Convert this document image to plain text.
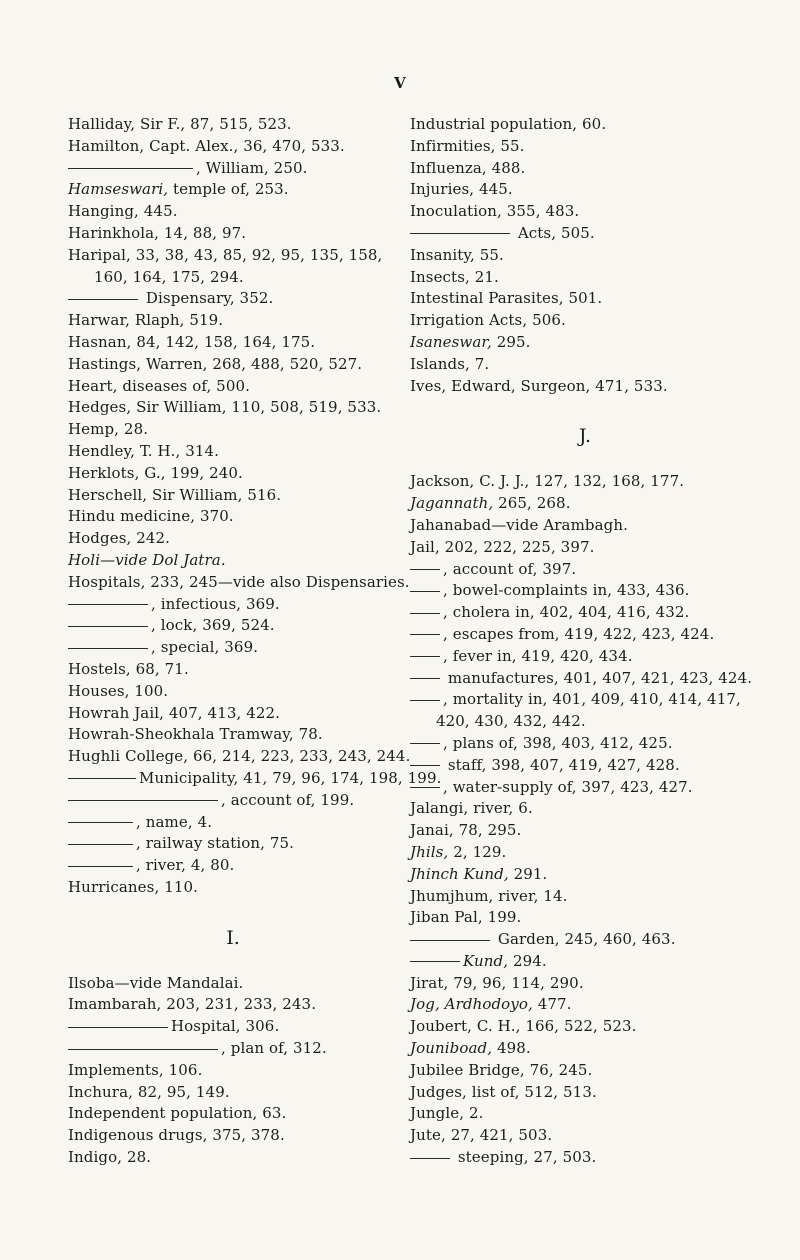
V
Halliday, Sir F., 87, 515, 523.
Hamilton, Capt. Alex., 36, 470, 533.
, William, 250.
Hamseswari, temple of, 253.
Hanging, 445.
Harinkhola, 14, 88, 97.
Haripal, 33, 38, 43, 85, 92, 95, 135, 158, 160, 164, 175, 294.
Dispensary, 352.
Harwar, Rlaph, 519.
Hasnan, 84, 142, 158, 164, 175.
Hastings, Warren, 268, 488, 520, 527.
Heart, diseases of, 500.
Hedges, Sir William, 110, 508, 519, 533.
Hemp, 28.
Hendley, T. H., 314.
Herklots, G., 199, 240.
Herschell, Sir William, 516.
Hindu medicine, 370.
Hodges, 242.
Holi—vide Dol Jatra.
Hospitals, 233, 245—vide also Dispensaries.
, infectious, 369.
, lock, 369, 524.
, special, 369.
Hostels, 68, 71.
Houses, 100.
Howrah Jail, 407, 413, 422.
Howrah-Sheokhala Tramway, 78.
Hughli College, 66, 214, 223, 233, 243, 244.
Municipality, 41, 79, 96, 174, 198, 199.
, account of, 199.
, name, 4.
, railway station, 75.
, river, 4, 80.
Hurricanes, 110.
I.
Ilsoba—vide Mandalai.
Imambarah, 203, 231, 233, 243.
Hospital, 306.
, plan of, 312.
Implements, 106.
Inchura, 82, 95, 149.
Independent population, 63.
Indigenous drugs, 375, 378.
Indigo, 28.
Industrial population, 60.
Infirmities, 55.
Influenza, 488.
Injuries, 445.
Inoculation, 355, 483.
Acts, 505.
Insanity, 55.
Insects, 21.
Intestinal Parasites, 501.
Irrigation Acts, 506.
Isaneswar, 295.
Islands, 7.
Ives, Edward, Surgeon, 471, 533.
J.
Jackson, C. J. J., 127, 132, 168, 177.
Jagannath, 265, 268.
Jahanabad—vide Arambagh.
Jail, 202, 222, 225, 397.
, account of, 397.
, bowel-complaints in, 433, 436.
, cholera in, 402, 404, 416, 432.
, escapes from, 419, 422, 423, 424.
, fever in, 419, 420, 434.
manufactures, 401, 407, 421, 423, 424.
, mortality in, 401, 409, 410, 414, 417, 420, 430, 432, 442.
, plans of, 398, 403, 412, 425.
staff, 398, 407, 419, 427, 428.
, water-supply of, 397, 423, 427.
Jalangi, river, 6.
Janai, 78, 295.
Jhils, 2, 129.
Jhinch Kund, 291.
Jhumjhum, river, 14.
Jiban Pal, 199.
Garden, 245, 460, 463.
Kund, 294.
Jirat, 79, 96, 114, 290.
Jog, Ardhodoyo, 477.
Joubert, C. H., 166, 522, 523.
Jouniboad, 498.
Jubilee Bridge, 76, 245.
Judges, list of, 512, 513.
Jungle, 2.
Jute, 27, 421, 503.
steeping, 27, 503.
